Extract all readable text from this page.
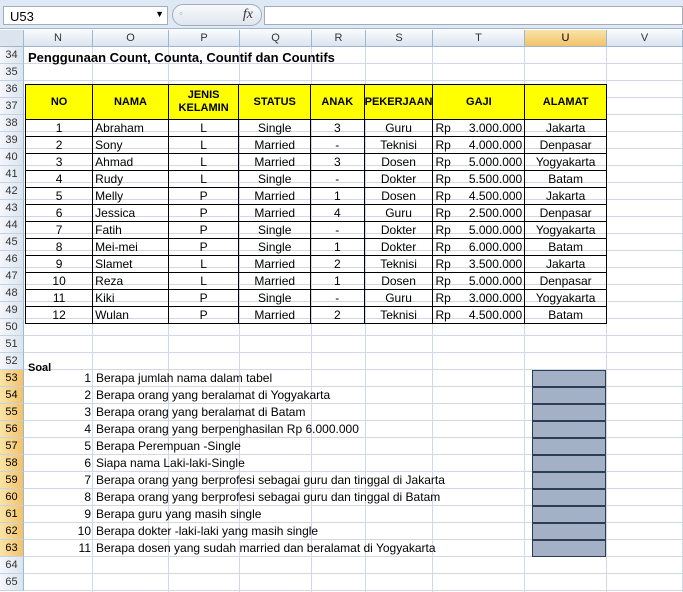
U53	▼ ◦	fx
N	O	P	Q	R	S	T	U	V
34
35
36
37
38
39
40
41
42
43
44
45
46
47
48
49
50
51
52
53
54
55
56
57
58
59
60
61
62
63
64
65
Penggunaan Count, Counta, Countif dan Countifs
NO	NAMA	JENIS
KELAMIN	STATUS	ANAK	PEKERJAAN	GAJI		ALAMAT
1	Abraham	L	Single	3	Guru	Rp	3.000.000	Jakarta
2	Sony	L	Married	-	Teknisi	Rp	4.000.000	Denpasar
3	Ahmad	L	Married	3	Dosen	Rp	5.000.000	Yogyakarta
4	Rudy	L	Single	-	Dokter	Rp	5.500.000	Batam
5	Melly	P	Married	1	Dosen	Rp	4.500.000	Jakarta
6	Jessica	P	Married	4	Guru	Rp	2.500.000	Denpasar
7	Fatih	P	Single	-	Dokter	Rp	5.000.000	Yogyakarta
8	Mei-mei	P	Single	1	Dokter	Rp	6.000.000	Batam
9	Slamet	L	Married	2	Teknisi	Rp	3.500.000	Jakarta
10	Reza	L	Married	1	Dosen	Rp	5.000.000	Denpasar
11	Kiki	P	Single	-	Guru	Rp	3.000.000	Yogyakarta
12	Wulan	P	Married	2	Teknisi	Rp	4.500.000	Batam
Soal
1 Berapa jumlah nama dalam tabel
2 Berapa orang yang beralamat di Yogyakarta
3 Berapa orang yang beralamat di Batam
4 Berapa orang yang berpenghasilan Rp 6.000.000
5 Berapa Perempuan -Single
6 Siapa nama Laki-laki-Single
7 Berapa orang yang berprofesi sebagai guru dan tinggal di Jakarta
8 Berapa orang yang berprofesi sebagai guru dan tinggal di Batam
9 Berapa guru yang masih single
10 Berapa dokter -laki-laki yang masih single
11 Berapa dosen yang sudah married dan beralamat di Yogyakarta
